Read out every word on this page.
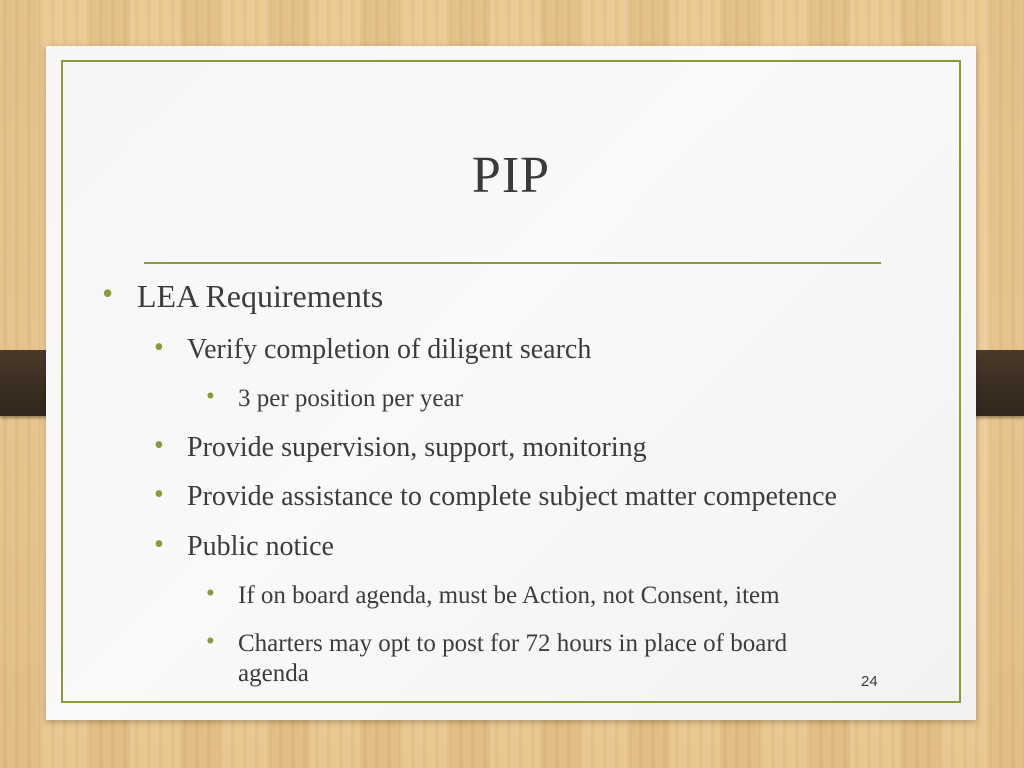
PIP
• LEA Requirements
• Verify completion of diligent search
• 3 per position per year
• Provide supervision, support, monitoring
• Provide assistance to complete subject matter competence
• Public notice
• If on board agenda, must be Action, not Consent, item
• Charters may opt to post for 72 hours in place of board
agenda	24
